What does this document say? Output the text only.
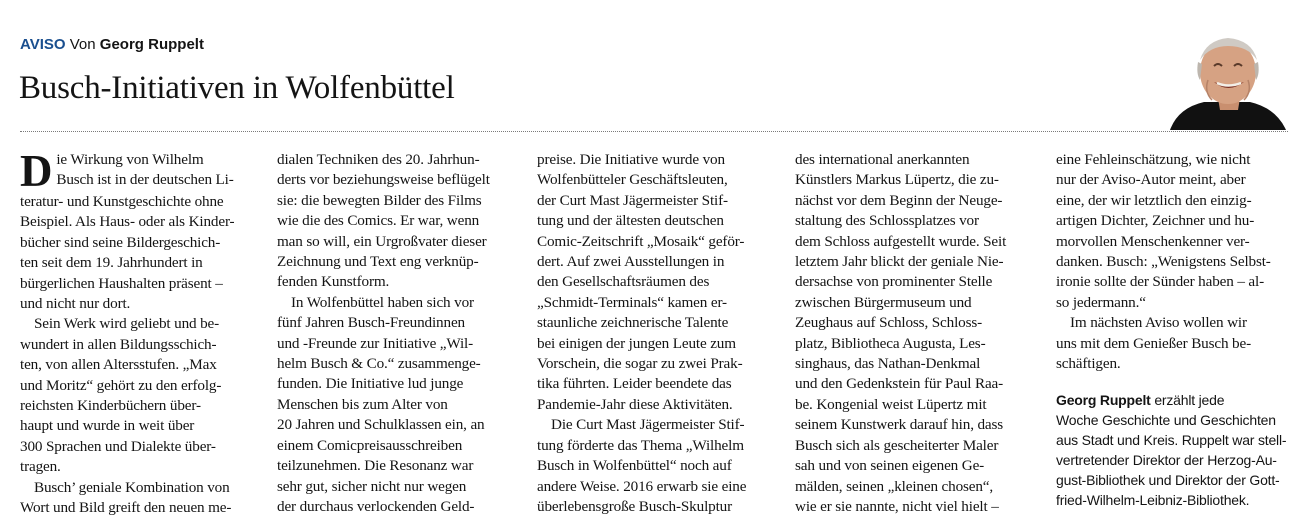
AVISO Von Georg Ruppelt
Busch-Initiativen in Wolfenbüttel
D ie Wirkung von Wilhelm

Busch ist in der deutschen Li-

teratur- und Kunstgeschichte ohne

Beispiel. Als Haus- oder als Kinder-

bücher sind seine Bildergeschich-

ten seit dem 19. Jahrhundert in

bürgerlichen Haushalten präsent –

und nicht nur dort.

Sein Werk wird geliebt und be-

wundert in allen Bildungsschich-

ten, von allen Altersstufen. „Max

und Moritz“ gehört zu den erfolg-

reichsten Kinderbüchern über-

haupt und wurde in weit über

300 Sprachen und Dialekte über-

tragen.

Busch’ geniale Kombination von

Wort und Bild greift den neuen me-

dialen Techniken des 20. Jahrhun-

derts vor beziehungsweise beflügelt

sie: die bewegten Bilder des Films

wie die des Comics. Er war, wenn

man so will, ein Urgroßvater dieser

Zeichnung und Text eng verknüp-

fenden Kunstform.

In Wolfenbüttel haben sich vor

fünf Jahren Busch-Freundinnen

und -Freunde zur Initiative „Wil-

helm Busch & Co.“ zusammenge-

funden. Die Initiative lud junge

Menschen bis zum Alter von

20 Jahren und Schulklassen ein, an

einem Comicpreisausschreiben

teilzunehmen. Die Resonanz war

sehr gut, sicher nicht nur wegen

der durchaus verlockenden Geld-

preise. Die Initiative wurde von

Wolfenbütteler Geschäftsleuten,

der Curt Mast Jägermeister Stif-

tung und der ältesten deutschen

Comic-Zeitschrift „Mosaik“ geför-

dert. Auf zwei Ausstellungen in

den Gesellschaftsräumen des

„Schmidt-Terminals“ kamen er-

staunliche zeichnerische Talente

bei einigen der jungen Leute zum

Vorschein, die sogar zu zwei Prak-

tika führten. Leider beendete das

Pandemie-Jahr diese Aktivitäten.

Die Curt Mast Jägermeister Stif-

tung förderte das Thema „Wilhelm

Busch in Wolfenbüttel“ noch auf

andere Weise. 2016 erwarb sie eine

überlebensgroße Busch-Skulptur

des international anerkannten

Künstlers Markus Lüpertz, die zu-

nächst vor dem Beginn der Neuge-

staltung des Schlossplatzes vor

dem Schloss aufgestellt wurde. Seit

letztem Jahr blickt der geniale Nie-

dersachse von prominenter Stelle

zwischen Bürgermuseum und

Zeughaus auf Schloss, Schloss-

platz, Bibliotheca Augusta, Les-

singhaus, das Nathan-Denkmal

und den Gedenkstein für Paul Raa-

be. Kongenial weist Lüpertz mit

seinem Kunstwerk darauf hin, dass

Busch sich als gescheiterter Maler

sah und von seinen eigenen Ge-

mälden, seinen „kleinen chosen“,

wie er sie nannte, nicht viel hielt –

eine Fehleinschätzung, wie nicht

nur der Aviso-Autor meint, aber

eine, der wir letztlich den einzig-

artigen Dichter, Zeichner und hu-

morvollen Menschenkenner ver-

danken. Busch: „Wenigstens Selbst-

ironie sollte der Sünder haben – al-

so jedermann.“

Im nächsten Aviso wollen wir

uns mit dem Genießer Busch be-

schäftigen.

Georg Ruppelt erzählt jede
Woche Geschichte und Geschichten
aus Stadt und Kreis. Ruppelt war stell-
vertretender Direktor der Herzog-Au-
gust-Bibliothek und Direktor der Gott-
fried-Wilhelm-Leibniz-Bibliothek.
